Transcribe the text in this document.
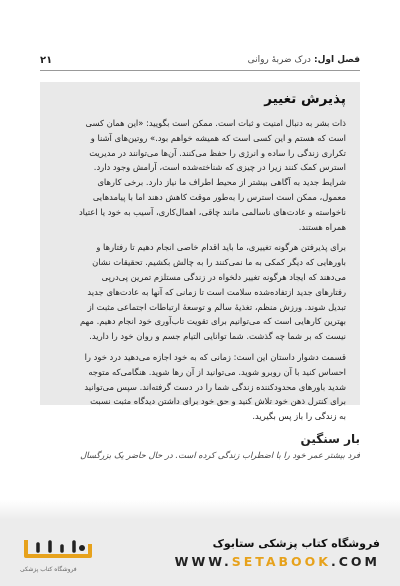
فصل اول: درک ضربهٔ روانی
۲۱
پذیرش تغییر

ذات بشر به دنبال امنیت و ثبات است. ممکن است بگویید: «این همان کسی
است که هستم و این کسی است که همیشه خواهم بود.» روتین‌های آشنا و
تکراری زندگی را ساده و انرژی را حفظ می‌کنند. آن‌ها می‌توانند در مدیریت
استرس کمک کنند زیرا در چیزی که شناخته‌شده است، آرامش وجود دارد.
شرایط جدید به آگاهی بیشتر از محیط اطراف ما نیاز دارد. برخی کارهای
معمول، ممکن است استرس را به‌طور موقت کاهش دهند اما با پیامدهایی
ناخواسته و عادت‌های ناسالمی مانند چاقی، اهمال‌کاری، آسیب به خود یا اعتیاد
همراه هستند.

برای پذیرفتن هرگونه تغییری، ما باید اقدام خاصی انجام دهیم تا رفتارها و
باورهایی که دیگر کمکی به ما نمی‌کنند را به چالش بکشیم. تحقیقات نشان
می‌دهند که ایجاد هرگونه تغییر دلخواه در زندگی مستلزم تمرین پی‌درپی
رفتارهای جدید ازتفاده‌شده سلامت است تا زمانی که آنها به عادت‌های جدید
تبدیل شوند. ورزش منظم، تغذیهٔ سالم و توسعهٔ ارتباطات اجتماعی مثبت از
بهترین کارهایی است که می‌توانیم برای تقویت تاب‌آوری خود انجام دهیم. مهم
نیست که بر شما چه گذشت. شما توانایی التیام جسم و روان خود را دارید.

قسمت دشوار داستان این است: زمانی که به خود اجازه می‌دهید درد خود را
احساس کنید با آن روبرو شوید. می‌توانید از آن رها شوید. هنگامی‌که متوجه
شدید باورهای محدودکننده زندگی شما را در دست گرفته‌اند. سپس می‌توانید
برای کنترل ذهن خود تلاش کنید و حق خود برای داشتن دیدگاه مثبت نسبت
به زندگی را باز پس بگیرید.

بار سنگین
فرد بیشتر عمر خود را با اضطراب زندگی کرده است. در حال حاضر یک بزرگسال
فروشگاه کتاب پزشکی
فروشگاه کتاب پزشکی ستابوک
WWW.SETABOOK.COM
